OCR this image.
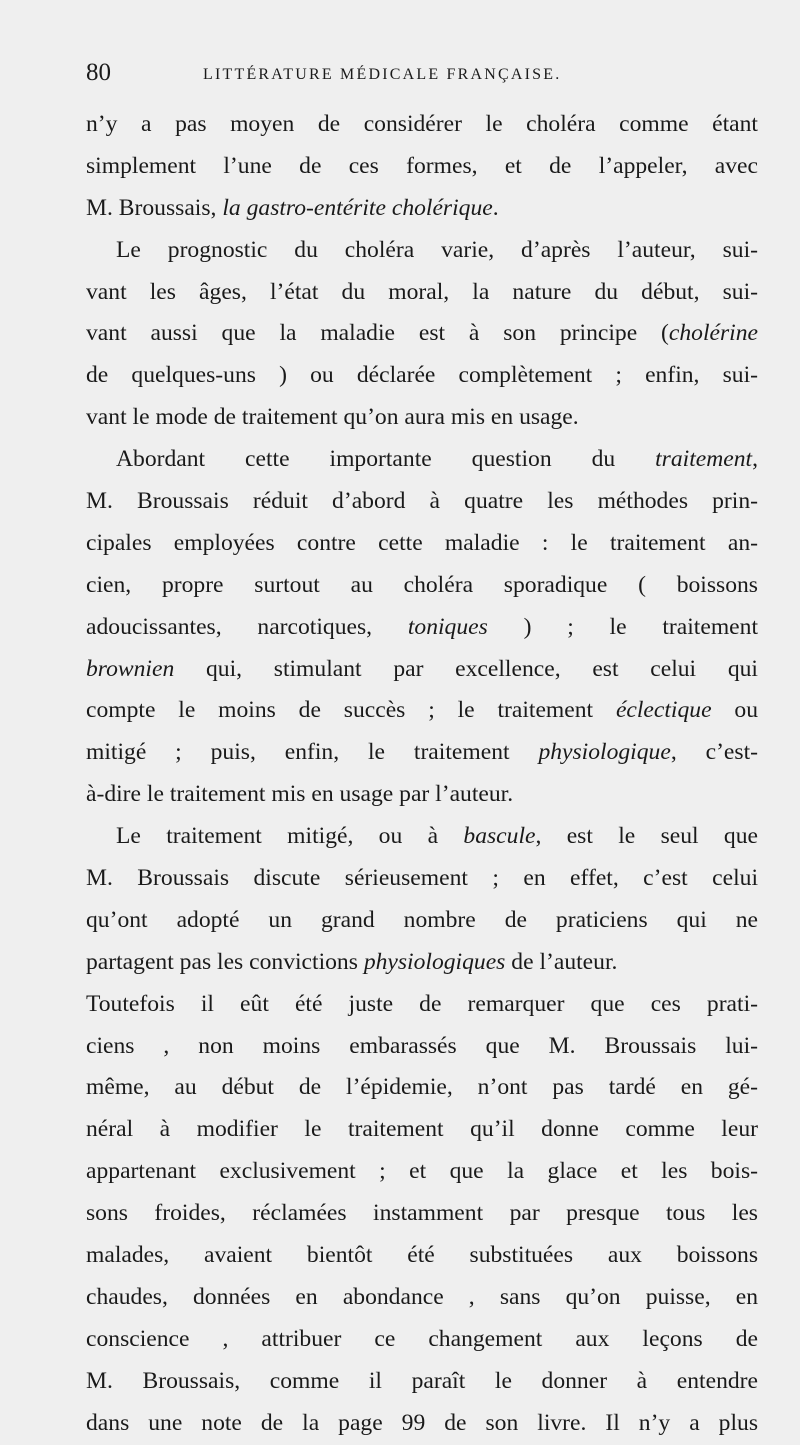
80	LITTÉRATURE MÉDICALE FRANÇAISE.
n’y a pas moyen de considérer le choléra comme étant
simplement l’une de ces formes, et de l’appeler, avec
M. Broussais, la gastro-entérite cholérique.
Le prognostic du choléra varie, d’après l’auteur, sui-
vant les âges, l’état du moral, la nature du début, sui-
vant aussi que la maladie est à son principe (cholérine
de quelques-uns ) ou déclarée complètement ; enfin, sui-
vant le mode de traitement qu’on aura mis en usage.
Abordant cette importante question du traitement,
M. Broussais réduit d’abord à quatre les méthodes prin-
cipales employées contre cette maladie : le traitement an-
cien, propre surtout au choléra sporadique ( boissons
adoucissantes, narcotiques, toniques ) ; le traitement
brownien qui, stimulant par excellence, est celui qui
compte le moins de succès ; le traitement éclectique ou
mitigé ; puis, enfin, le traitement physiologique, c’est-
à-dire le traitement mis en usage par l’auteur.
Le traitement mitigé, ou à bascule, est le seul que
M. Broussais discute sérieusement ; en effet, c’est celui
qu’ont adopté un grand nombre de praticiens qui ne
partagent pas les convictions physiologiques de l’auteur.
Toutefois il eût été juste de remarquer que ces prati-
ciens , non moins embarassés que M. Broussais lui-
même, au début de l’épidemie, n’ont pas tardé en gé-
néral à modifier le traitement qu’il donne comme leur
appartenant exclusivement ; et que la glace et les bois-
sons froides, réclamées instamment par presque tous les
malades, avaient bientôt été substituées aux boissons
chaudes, données en abondance , sans qu’on puisse, en
conscience , attribuer ce changement aux leçons de
M. Broussais, comme il paraît le donner à entendre
dans une note de la page 99 de son livre. Il n’y a plus
